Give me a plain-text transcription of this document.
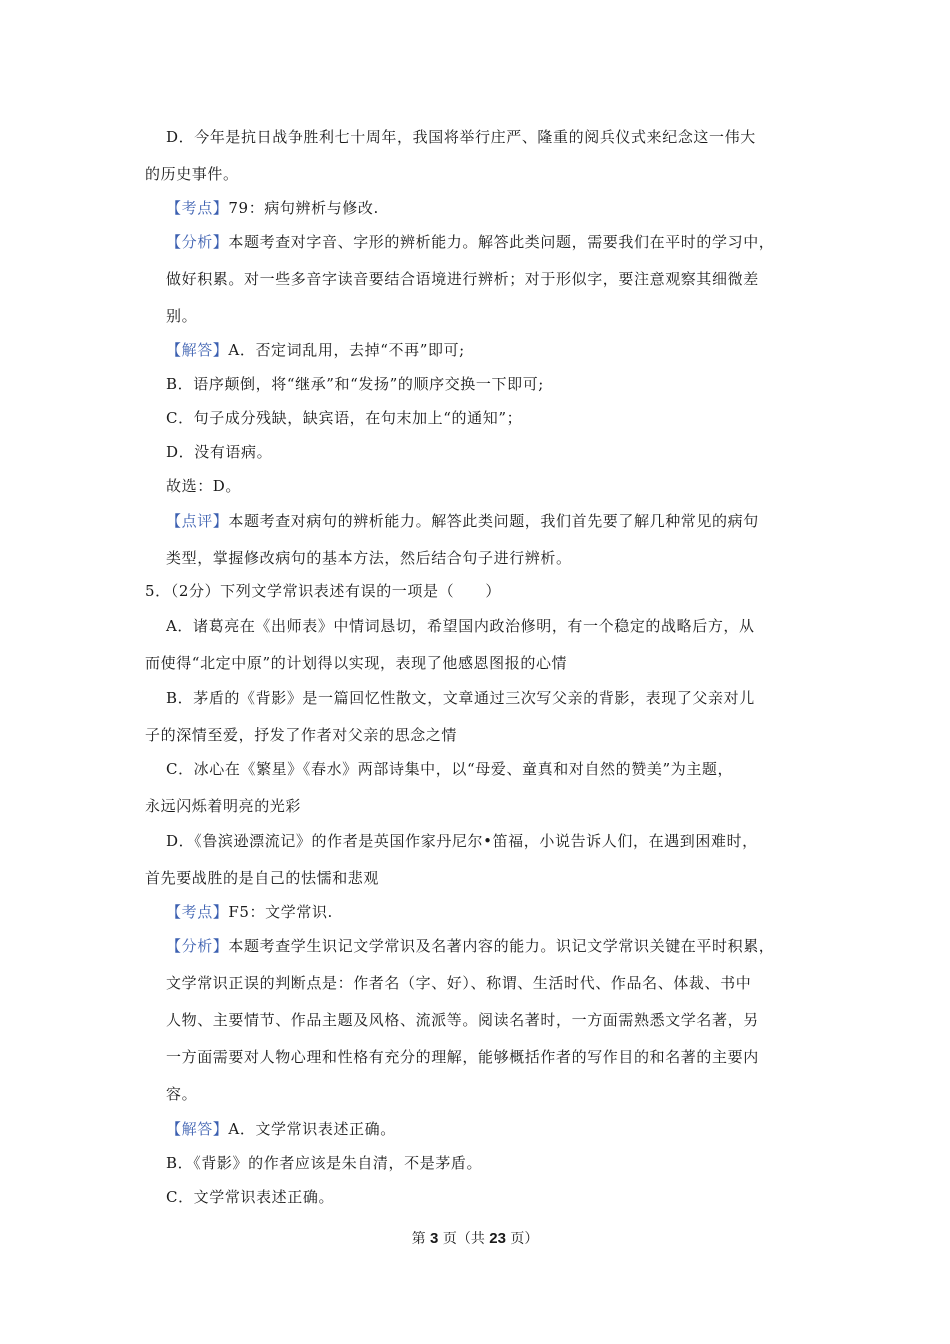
D．今年是抗日战争胜利七十周年，我国将举行庄严、隆重的阅兵仪式来纪念这一伟大
的历史事件。
【考点】79：病句辨析与修改.
【分析】本题考查对字音、字形的辨析能力。解答此类问题，需要我们在平时的学习中，
做好积累。对一些多音字读音要结合语境进行辨析；对于形似字，要注意观察其细微差
别。
【解答】A．否定词乱用，去掉“不再”即可;
B．语序颠倒，将“继承”和“发扬”的顺序交换一下即可;
C．句子成分残缺，缺宾语，在句末加上“的通知”；
D．没有语病。
故选：D。
【点评】本题考查对病句的辨析能力。解答此类问题，我们首先要了解几种常见的病句
类型，掌握修改病句的基本方法，然后结合句子进行辨析。
5．（2分）下列文学常识表述有误的一项是（　　）
A．诸葛亮在《出师表》中情词恳切，希望国内政治修明，有一个稳定的战略后方，从
而使得“北定中原”的计划得以实现，表现了他感恩图报的心情
B．茅盾的《背影》是一篇回忆性散文，文章通过三次写父亲的背影，表现了父亲对儿
子的深情至爱，抒发了作者对父亲的思念之情
C．冰心在《繁星》《春水》两部诗集中，以“母爱、童真和对自然的赞美”为主题，
永远闪烁着明亮的光彩
D．《鲁滨逊漂流记》的作者是英国作家丹尼尔•笛福，小说告诉人们，在遇到困难时，
首先要战胜的是自己的怯懦和悲观
【考点】F5：文学常识.
【分析】本题考查学生识记文学常识及名著内容的能力。识记文学常识关键在平时积累，
文学常识正误的判断点是：作者名（字、好）、称谓、生活时代、作品名、体裁、书中
人物、主要情节、作品主题及风格、流派等。阅读名著时，一方面需熟悉文学名著，另
一方面需要对人物心理和性格有充分的理解，能够概括作者的写作目的和名著的主要内
容。
【解答】A．文学常识表述正确。
B．《背影》的作者应该是朱自清，不是茅盾。
C．文学常识表述正确。
第 3 页（共 23 页）
